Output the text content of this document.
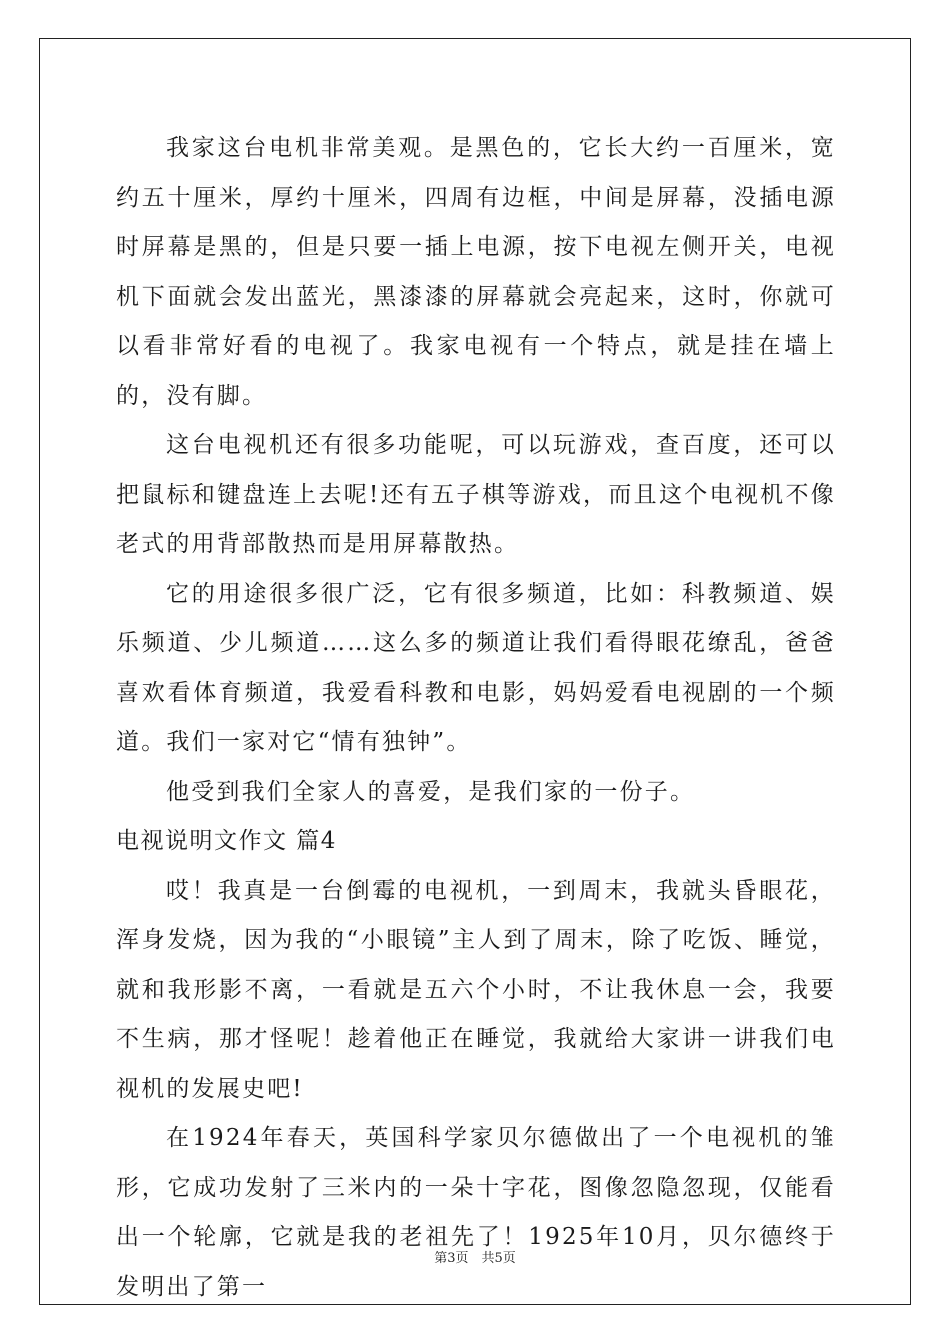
我家这台电机非常美观。是黑色的，它长大约一百厘米，宽约五十厘米，厚约十厘米，四周有边框，中间是屏幕，没插电源时屏幕是黑的，但是只要一插上电源，按下电视左侧开关，电视机下面就会发出蓝光，黑漆漆的屏幕就会亮起来，这时，你就可以看非常好看的电视了。我家电视有一个特点，就是挂在墙上的，没有脚。

这台电视机还有很多功能呢，可以玩游戏，查百度，还可以把鼠标和键盘连上去呢!还有五子棋等游戏，而且这个电视机不像老式的用背部散热而是用屏幕散热。

它的用途很多很广泛，它有很多频道，比如：科教频道、娱乐频道、少儿频道……这么多的频道让我们看得眼花缭乱，爸爸喜欢看体育频道，我爱看科教和电影，妈妈爱看电视剧的一个频道。我们一家对它“情有独钟”。

他受到我们全家人的喜爱，是我们家的一份子。

电视说明文作文 篇4

哎！我真是一台倒霉的电视机，一到周末，我就头昏眼花，浑身发烧，因为我的“小眼镜”主人到了周末，除了吃饭、睡觉，就和我形影不离，一看就是五六个小时，不让我休息一会，我要不生病，那才怪呢！趁着他正在睡觉，我就给大家讲一讲我们电视机的发展史吧!

在1924年春天，英国科学家贝尔德做出了一个电视机的雏形，它成功发射了三米内的一朵十字花，图像忽隐忽现，仅能看出一个轮廓，它就是我的老祖先了！1925年10月，贝尔德终于发明出了第一

第3页　共5页
